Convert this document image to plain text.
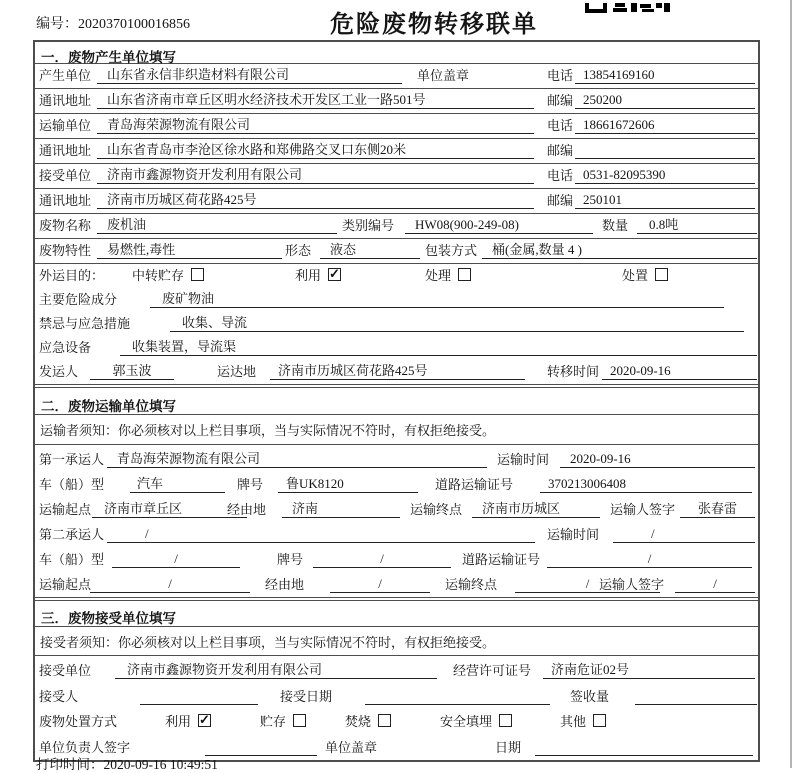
编号：2020370100016856	危险废物转移联单
一．废物产生单位填写
产生单位	山东省永信非织造材料有限公司	单位盖章	电话 13854169160
通讯地址	山东省济南市章丘区明水经济技术开发区工业一路501号	邮编 250200
运输单位	青岛海荣源物流有限公司	电话 18661672606
通讯地址	山东省青岛市李沧区徐水路和郑佛路交叉口东侧20米	邮编
接受单位	济南市鑫源物资开发利用有限公司	电话 0531-82095390
通讯地址	济南市历城区荷花路425号	邮编 250101
废物名称	废机油	类别编号	HW08(900-249-08)	数量	0.8吨
废物特性	易燃性,毒性	形态	液态	包装方式	桶(金属,数量 4 )
外运目的： 中转贮存	利用 ✓	处理	处置
主要危险成分	废矿物油
禁忌与应急措施	收集、导流
应急设备	收集装置，导流渠
发运人	郭玉波	运达地	济南市历城区荷花路425号	转移时间 2020-09-16
二．废物运输单位填写
运输者须知：你必须核对以上栏目事项，当与实际情况不符时，有权拒绝接受。
第一承运人 青岛海荣源物流有限公司	运输时间	2020-09-16
车（船）型	汽车	牌号	鲁UK8120	道路运输证号	370213006408
运输起点 济南市章丘区	经由地	济南	运输终点	济南市历城区	运输人签字	张春雷
第二承运人	/	运输时间	/
车（船）型	/	牌号	/	道路运输证号	/
运输起点	/	经由地	/	运输终点	/ 运输人签字	/
三．废物接受单位填写
接受者须知：你必须核对以上栏目事项，当与实际情况不符时，有权拒绝接受。
接受单位	济南市鑫源物资开发利用有限公司	经营许可证号	济南危证02号
接受人	接受日期	签收量
废物处置方式	利用 ✓	贮存	焚烧	安全填埋	其他
单位负责人签字	单位盖章	日期
打印时间：2020-09-16 10:49:51
